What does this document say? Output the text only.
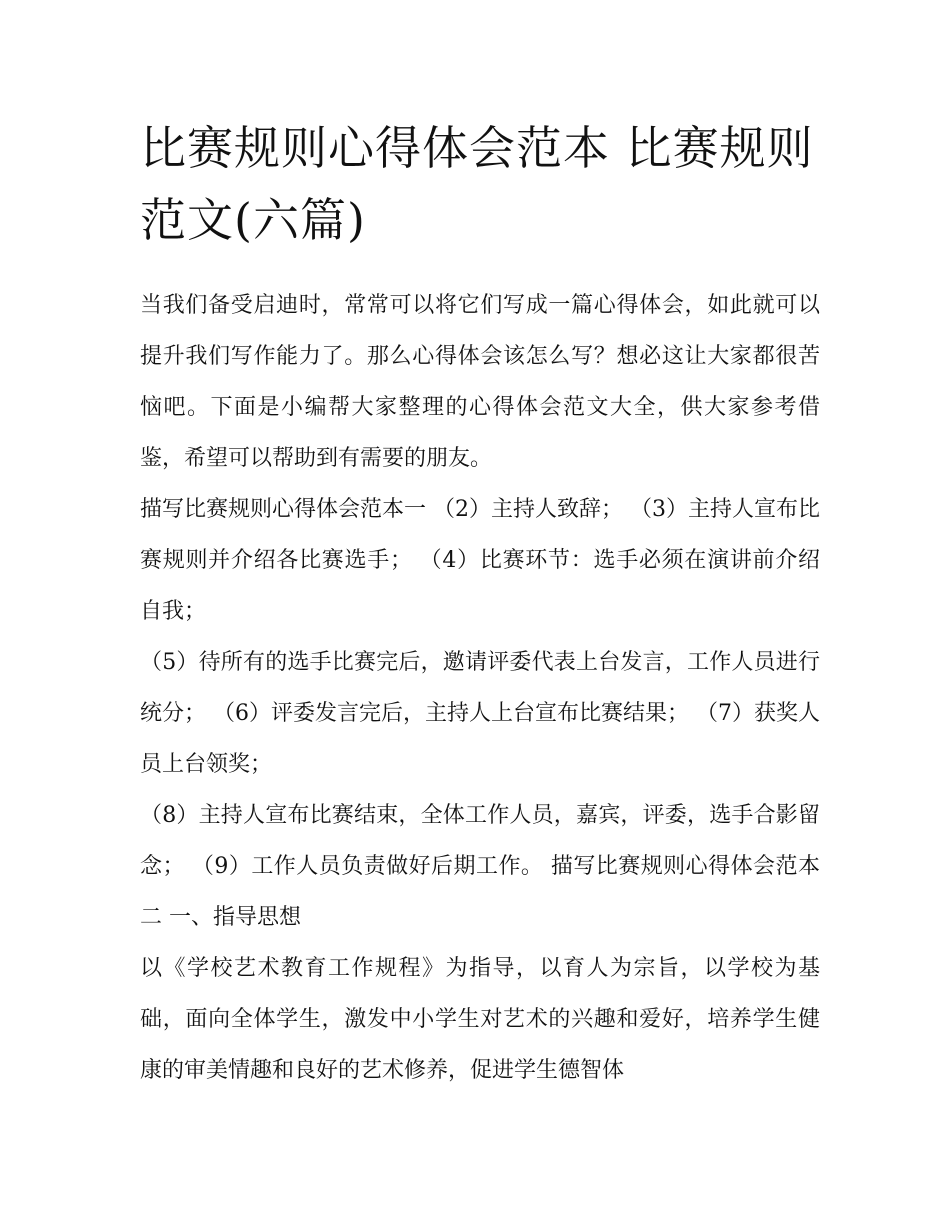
比赛规则心得体会范本 比赛规则范文(六篇)

当我们备受启迪时，常常可以将它们写成一篇心得体会，如此就可以提升我们写作能力了。那么心得体会该怎么写？想必这让大家都很苦恼吧。下面是小编帮大家整理的心得体会范文大全，供大家参考借鉴，希望可以帮助到有需要的朋友。

描写比赛规则心得体会范本一 （2）主持人致辞； （3）主持人宣布比赛规则并介绍各比赛选手； （4）比赛环节：选手必须在演讲前介绍自我；

（5）待所有的选手比赛完后，邀请评委代表上台发言，工作人员进行统分； （6）评委发言完后，主持人上台宣布比赛结果； （7）获奖人员上台领奖；

（8）主持人宣布比赛结束，全体工作人员，嘉宾，评委，选手合影留念； （9）工作人员负责做好后期工作。 描写比赛规则心得体会范本二 一、指导思想

以《学校艺术教育工作规程》为指导，以育人为宗旨，以学校为基础，面向全体学生，激发中小学生对艺术的兴趣和爱好，培养学生健康的审美情趣和良好的艺术修养，促进学生德智体
